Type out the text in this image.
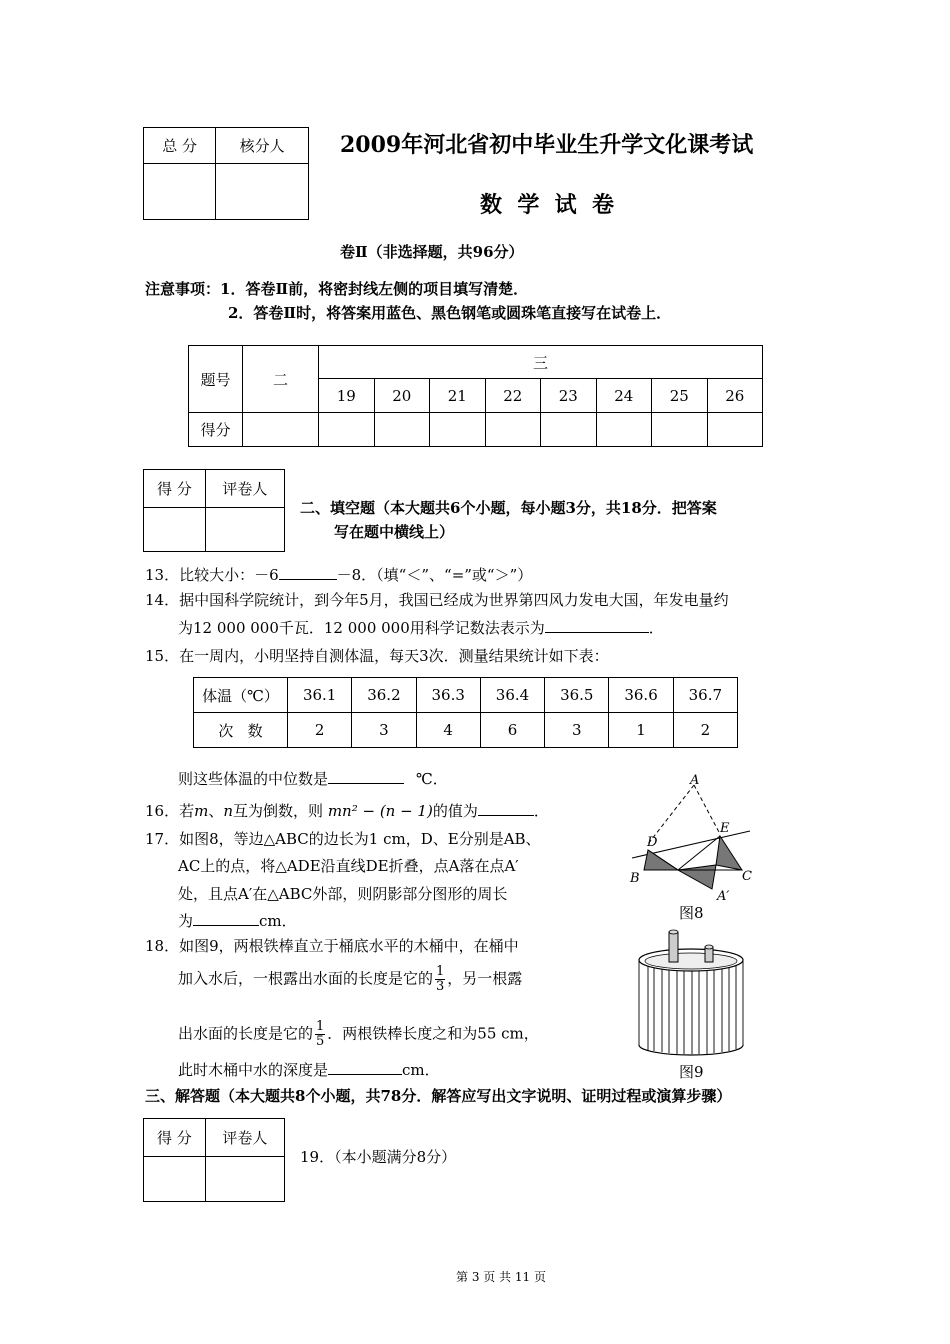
总 分	核分人
		2009年河北省初中毕业生升学文化课考试
数  学  试  卷
卷Ⅱ（非选择题，共96分）
注意事项：1．答卷Ⅱ前，将密封线左侧的项目填写清楚．
2．答卷Ⅱ时，将答案用蓝色、黑色钢笔或圆珠笔直接写在试卷上．
题号	二	三							
		19	20	21	22	23	24	25	26
得分									
得 分	评卷人

二、填空题（本大题共6个小题，每小题3分，共18分．把答案
写在题中横线上）
13．比较大小：－6	－8．（填“＜”、“=”或“＞”）
14．据中国科学院统计，到今年5月，我国已经成为世界第四风力发电大国，年发电量约
为12 000 000千瓦．12 000 000用科学记数法表示为	．
15．在一周内，小明坚持自测体温，每天3次．测量结果统计如下表：
体温（℃）	36.1	36.2	36.3	36.4	36.5	36.6	36.7
次   数	2	3	4	6	3	1	2
则这些体温的中位数是	℃．
16．若m、n互为倒数，则 mn² − (n − 1)的值为	．
17．如图8，等边△ABC的边长为1 cm，D、E分别是AB、
AC上的点，将△ADE沿直线DE折叠，点A落在点A′
处，且点A′在△ABC外部，则阴影部分图形的周长
为	cm．
A
D
E
B	C
A′
图8
18．如图9，两根铁棒直立于桶底水平的木桶中，在桶中
加入水后，一根露出水面的长度是它的 $\frac{1}{3}$ ，另一根露
出水面的长度是它的 $\frac{1}{5}$ ．两根铁棒长度之和为55 cm，
此时木桶中水的深度是	cm．	图9
三、解答题（本大题共8个小题，共78分．解答应写出文字说明、证明过程或演算步骤）
得 分	评卷人

19．（本小题满分8分）
第 3 页 共 11 页
